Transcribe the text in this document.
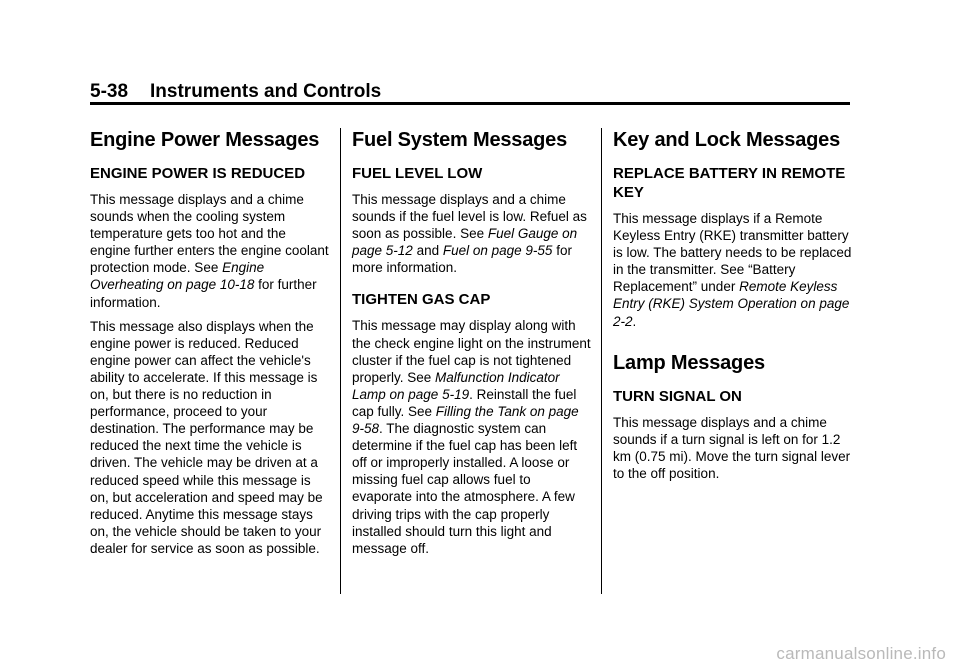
5-38 Instruments and Controls
Engine Power Messages
ENGINE POWER IS REDUCED

This message displays and a chime sounds when the cooling system temperature gets too hot and the engine further enters the engine coolant protection mode. See Engine Overheating on page 10-18 for further information.

This message also displays when the engine power is reduced. Reduced engine power can affect the vehicle's ability to accelerate. If this message is on, but there is no reduction in performance, proceed to your destination. The performance may be reduced the next time the vehicle is driven. The vehicle may be driven at a reduced speed while this message is on, but acceleration and speed may be reduced. Anytime this message stays on, the vehicle should be taken to your dealer for service as soon as possible.

Fuel System Messages
FUEL LEVEL LOW

This message displays and a chime sounds if the fuel level is low. Refuel as soon as possible. See Fuel Gauge on page 5-12 and Fuel on page 9-55 for more information.

TIGHTEN GAS CAP

This message may display along with the check engine light on the instrument cluster if the fuel cap is not tightened properly. See Malfunction Indicator Lamp on page 5-19. Reinstall the fuel cap fully. See Filling the Tank on page 9-58. The diagnostic system can determine if the fuel cap has been left off or improperly installed. A loose or missing fuel cap allows fuel to evaporate into the atmosphere. A few driving trips with the cap properly installed should turn this light and message off.

Key and Lock Messages
REPLACE BATTERY IN REMOTE KEY

This message displays if a Remote Keyless Entry (RKE) transmitter battery is low. The battery needs to be replaced in the transmitter. See “Battery Replacement” under Remote Keyless Entry (RKE) System Operation on page 2-2.

Lamp Messages
TURN SIGNAL ON

This message displays and a chime sounds if a turn signal is left on for 1.2 km (0.75 mi). Move the turn signal lever to the off position.

carmanualsonline.info
